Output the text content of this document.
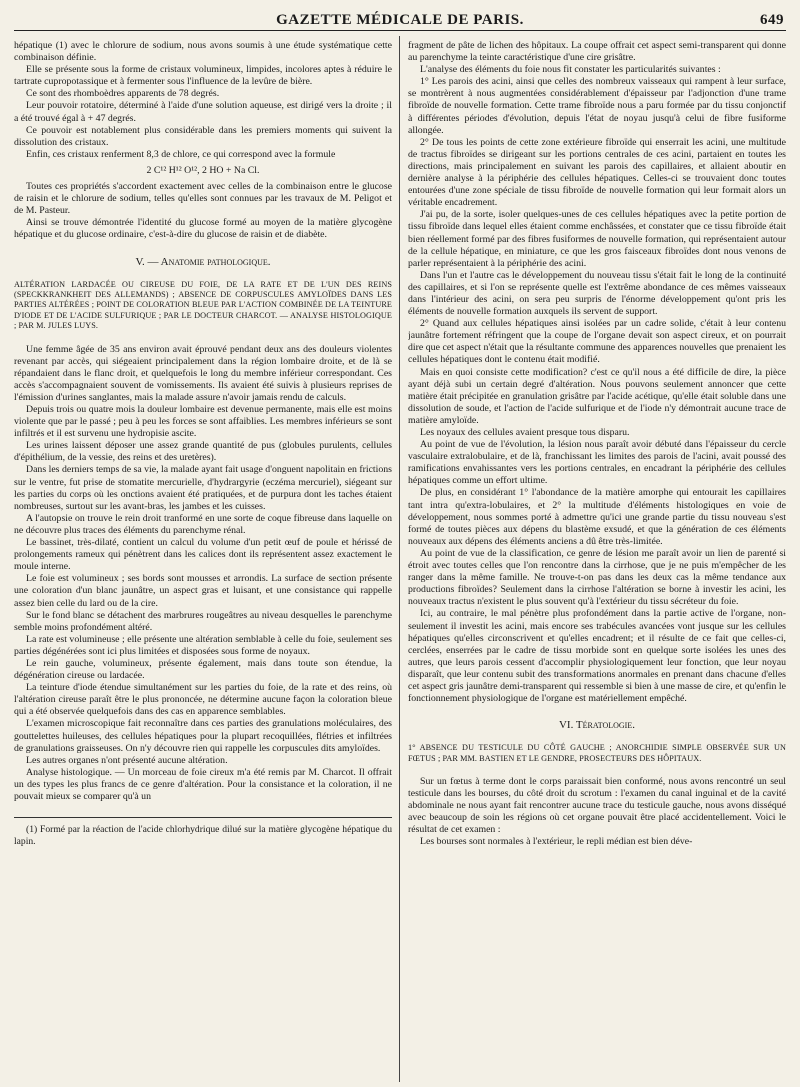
GAZETTE MÉDICALE DE PARIS.	649

hépatique (1) avec le chlorure de sodium, nous avons soumis à une étude systématique cette combinaison définie.

Elle se présente sous la forme de cristaux volumineux, limpides, incolores aptes à réduire le tartrate cupropotassique et à fermenter sous l'influence de la levûre de bière.

Ce sont des rhomboèdres apparents de 78 degrés.

Leur pouvoir rotatoire, déterminé à l'aide d'une solution aqueuse, est dirigé vers la droite ; il a été trouvé égal à + 47 degrés.

Ce pouvoir est notablement plus considérable dans les premiers moments qui suivent la dissolution des cristaux.

Enfin, ces cristaux renferment 8,3 de chlore, ce qui correspond avec la formule

2 C¹² H¹² O¹², 2 HO + Na Cl.

Toutes ces propriétés s'accordent exactement avec celles de la combinaison entre le glucose de raisin et le chlorure de sodium, telles qu'elles sont connues par les travaux de M. Peligot et de M. Pasteur.

Ainsi se trouve démontrée l'identité du glucose formé au moyen de la matière glycogène hépatique et du glucose ordinaire, c'est-à-dire du glucose de raisin et de diabète.

V. — Anatomie pathologique.
ALTÉRATION LARDACÉE OU CIREUSE DU FOIE, DE LA RATE ET DE L'UN DES REINS (SPECKKRANKHEIT DES ALLEMANDS) ; ABSENCE DE CORPUSCULES AMYLOÏDES DANS LES PARTIES ALTÉRÉES ; POINT DE COLORATION BLEUE PAR L'ACTION COMBINÉE DE LA TEINTURE D'IODE ET DE L'ACIDE SULFURIQUE ; PAR LE DOCTEUR CHARCOT. — ANALYSE HISTOLOGIQUE ; PAR M. JULES LUYS.

Une femme âgée de 35 ans environ avait éprouvé pendant deux ans des douleurs violentes revenant par accès, qui siégeaient principalement dans la région lombaire droite, et de là se répandaient dans le flanc droit, et quelquefois le long du membre inférieur correspondant. Ces accès s'accompagnaient souvent de vomissements. Ils avaient été suivis à plusieurs reprises de l'émission d'urines sanglantes, mais la malade assure n'avoir jamais rendu de calculs.

Depuis trois ou quatre mois la douleur lombaire est devenue permanente, mais elle est moins violente que par le passé ; peu à peu les forces se sont affaiblies. Les membres inférieurs se sont infiltrés et il est survenu une hydropisie ascite.

Les urines laissent déposer une assez grande quantité de pus (globules purulents, cellules d'épithélium, de la vessie, des reins et des uretères).

Dans les derniers temps de sa vie, la malade ayant fait usage d'onguent napolitain en frictions sur le ventre, fut prise de stomatite mercurielle, d'hydrargyrie (eczéma mercuriel), siégeant sur les parties du corps où les onctions avaient été pratiquées, et de purpura dont les taches étaient nombreuses, surtout sur les avant-bras, les jambes et les cuisses.

A l'autopsie on trouve le rein droit tranformé en une sorte de coque fibreuse dans laquelle on ne découvre plus traces des éléments du parenchyme rénal.

Le bassinet, très-dilaté, contient un calcul du volume d'un petit œuf de poule et hérissé de prolongements rameux qui pénètrent dans les calices dont ils représentent assez exactement le moule interne.

Le foie est volumineux ; ses bords sont mousses et arrondis. La surface de section présente une coloration d'un blanc jaunâtre, un aspect gras et luisant, et une consistance qui rappelle assez bien celle du lard ou de la cire.

Sur le fond blanc se détachent des marbrures rougeâtres au niveau desquelles le parenchyme semble moins profondément altéré.

La rate est volumineuse ; elle présente une altération semblable à celle du foie, seulement ses parties dégénérées sont ici plus limitées et disposées sous forme de noyaux.

Le rein gauche, volumineux, présente également, mais dans toute son étendue, la dégénération cireuse ou lardacée.

La teinture d'iode étendue simultanément sur les parties du foie, de la rate et des reins, où l'altération cireuse paraît être le plus prononcée, ne détermine aucune façon la coloration bleue qui a été observée quelquefois dans des cas en apparence semblables.

L'examen microscopique fait reconnaître dans ces parties des granulations moléculaires, des gouttelettes huileuses, des cellules hépatiques pour la plupart recoquillées, flétries et infiltrées de granulations graisseuses. On n'y découvre rien qui rappelle les corpuscules dits amyloïdes.

Les autres organes n'ont présenté aucune altération.

Analyse histologique. — Un morceau de foie cireux m'a été remis par M. Charcot. Il offrait un des types les plus francs de ce genre d'altération. Pour la consistance et la coloration, il ne pouvait mieux se comparer qu'à un

(1) Formé par la réaction de l'acide chlorhydrique dilué sur la matière glycogène hépatique du lapin.

fragment de pâte de lichen des hôpitaux. La coupe offrait cet aspect semi-transparent qui donne au parenchyme la teinte caractéristique d'une cire grisâtre.

L'analyse des éléments du foie nous fit constater les particularités suivantes :

1° Les parois des acini, ainsi que celles des nombreux vaisseaux qui rampent à leur surface, se montrèrent à nous augmentées considérablement d'épaisseur par l'adjonction d'une trame fibroïde de nouvelle formation. Cette trame fibroïde nous a paru formée par du tissu conjonctif à différentes périodes d'évolution, depuis l'état de noyau jusqu'à celui de fibre fusiforme allongée.

2° De tous les points de cette zone extérieure fibroïde qui enserrait les acini, une multitude de tractus fibroïdes se dirigeant sur les portions centrales de ces acini, partaient en toutes les directions, mais principalement en suivant les parois des capillaires, et allaient aboutir en dernière analyse à la périphérie des cellules hépatiques. Celles-ci se trouvaient donc toutes entourées d'une zone spéciale de tissu fibroïde de nouvelle formation qui leur formait alors un véritable encadrement.

J'ai pu, de la sorte, isoler quelques-unes de ces cellules hépatiques avec la petite portion de tissu fibroïde dans lequel elles étaient comme enchâssées, et constater que ce tissu fibroïde était bien réellement formé par des fibres fusiformes de nouvelle formation, qui représentaient autour de la cellule hépatique, en miniature, ce que les gros faisceaux fibroïdes dont nous venons de parler représentaient à la périphérie des acini.

Dans l'un et l'autre cas le développement du nouveau tissu s'était fait le long de la continuité des capillaires, et si l'on se représente quelle est l'extrême abondance de ces mêmes vaisseaux dans l'intérieur des acini, on sera peu surpris de l'énorme développement qu'ont pris les éléments de nouvelle formation auxquels ils servent de support.

2° Quand aux cellules hépatiques ainsi isolées par un cadre solide, c'était à leur contenu jaunâtre fortement réfringent que la coupe de l'organe devait son aspect cireux, et on pourrait dire que cet aspect n'était que la résultante commune des apparences nouvelles que prenaient les cellules hépatiques dont le contenu était modifié.

Mais en quoi consiste cette modification? c'est ce qu'il nous a été difficile de dire, la pièce ayant déjà subi un certain degré d'altération. Nous pouvons seulement annoncer que cette matière était précipitée en granulation grisâtre par l'acide acétique, qu'elle était soluble dans une dissolution de soude, et l'action de l'acide sulfurique et de l'iode n'y démontrait aucune trace de matière amyloïde.

Les noyaux des cellules avaient presque tous disparu.

Au point de vue de l'évolution, la lésion nous paraît avoir débuté dans l'épaisseur du cercle vasculaire extralobulaire, et de là, franchissant les limites des parois de l'acini, avait poussé des ramifications envahissantes vers les portions centrales, en encadrant la périphérie des cellules hépatiques comme un effort ultime.

De plus, en considérant 1° l'abondance de la matière amorphe qui entourait les capillaires tant intra qu'extra-lobulaires, et 2° la multitude d'éléments histologiques en voie de développement, nous sommes porté à admettre qu'ici une grande partie du tissu nouveau s'est formé de toutes pièces aux dépens du blastème exsudé, et que la génération de ces éléments nouveaux aux dépens des éléments anciens a dû être très-limitée.

Au point de vue de la classification, ce genre de lésion me paraît avoir un lien de parenté si étroit avec toutes celles que l'on rencontre dans la cirrhose, que je ne puis m'empêcher de les ranger dans la même famille. Ne trouve-t-on pas dans les deux cas la même tendance aux productions fibroïdes? Seulement dans la cirrhose l'altération se borne à investir les acini, les nouveaux tractus n'existent le plus souvent qu'à l'extérieur du tissu sécréteur du foie.

Ici, au contraire, le mal pénètre plus profondément dans la partie active de l'organe, non-seulement il investit les acini, mais encore ses trabécules avancées vont jusque sur les cellules hépatiques qu'elles circonscrivent et qu'elles encadrent; et il résulte de ce fait que celles-ci, cerclées, enserrées par le cadre de tissu morbide sont en quelque sorte isolées les unes des autres, que leurs parois cessent d'accomplir physiologiquement leur fonction, que leur noyau disparaît, que leur contenu subit des transformations anormales en prenant dans chacune d'elles cet aspect gris jaunâtre demi-transparent qui ressemble si bien à une masse de cire, et qu'enfin le fonctionnement physiologique de l'organe est matériellement empêché.

VI. Tératologie.
1° ABSENCE DU TESTICULE DU CÔTÉ GAUCHE ; ANORCHIDIE SIMPLE OBSERVÉE SUR UN FŒTUS ; PAR MM. BASTIEN ET LE GENDRE, PROSECTEURS DES HÔPITAUX.

Sur un fœtus à terme dont le corps paraissait bien conformé, nous avons rencontré un seul testicule dans les bourses, du côté droit du scrotum : l'examen du canal inguinal et de la cavité abdominale ne nous ayant fait rencontrer aucune trace du testicule gauche, nous avons disséqué avec beaucoup de soin les régions où cet organe pouvait être placé accidentellement. Voici le résultat de cet examen :

Les bourses sont normales à l'extérieur, le repli médian est bien déve-
